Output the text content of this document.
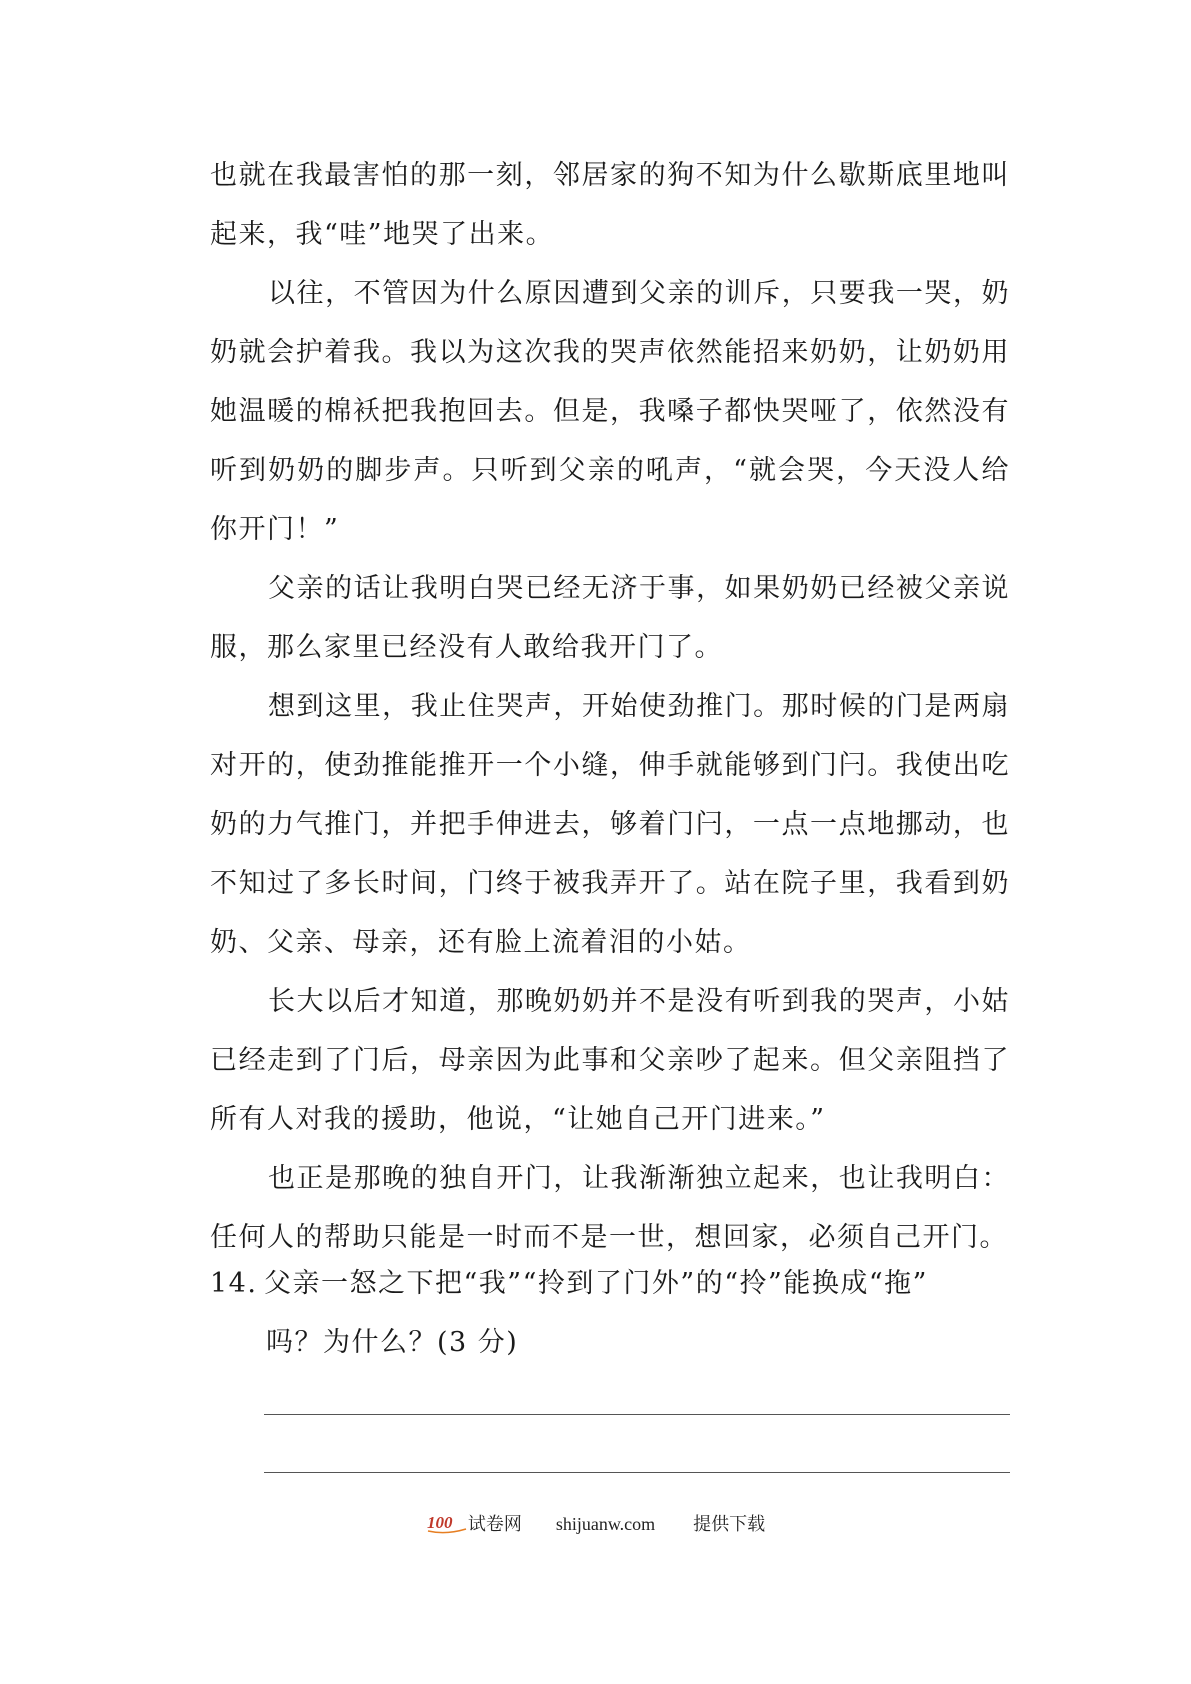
也就在我最害怕的那一刻，邻居家的狗不知为什么歇斯底里地叫起来，我“哇”地哭了出来。

以往，不管因为什么原因遭到父亲的训斥，只要我一哭，奶奶就会护着我。我以为这次我的哭声依然能招来奶奶，让奶奶用她温暖的棉袄把我抱回去。但是，我嗓子都快哭哑了，依然没有听到奶奶的脚步声。只听到父亲的吼声，“就会哭，今天没人给你开门！”

父亲的话让我明白哭已经无济于事，如果奶奶已经被父亲说服，那么家里已经没有人敢给我开门了。

想到这里，我止住哭声，开始使劲推门。那时候的门是两扇对开的，使劲推能推开一个小缝，伸手就能够到门闩。我使出吃奶的力气推门，并把手伸进去，够着门闩，一点一点地挪动，也不知过了多长时间，门终于被我弄开了。站在院子里，我看到奶奶、父亲、母亲，还有脸上流着泪的小姑。

长大以后才知道，那晚奶奶并不是没有听到我的哭声，小姑已经走到了门后，母亲因为此事和父亲吵了起来。但父亲阻挡了所有人对我的援助，他说，“让她自己开门进来。”

也正是那晚的独自开门，让我渐渐独立起来，也让我明白：任何人的帮助只能是一时而不是一世，想回家，必须自己开门。

14. 父亲一怒之下把“我”“拎到了门外”的“拎”能换成“拖”
吗？为什么？(3 分)
100 试卷网 shijuanw.com 提供下载
